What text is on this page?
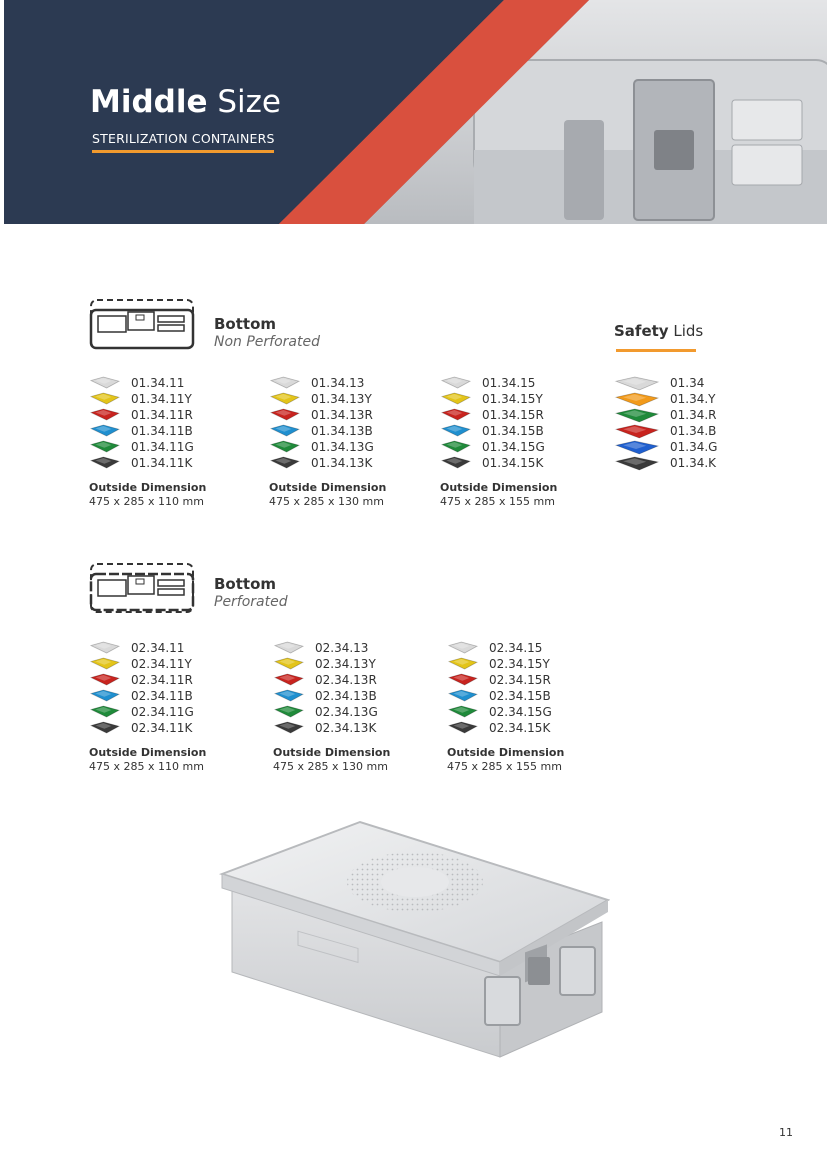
Middle Size
STERILIZATION CONTAINERS
Bottom
Non Perforated
Safety Lids
01.34.11
01.34.11Y
01.34.11R
01.34.11B
01.34.11G
01.34.11K
Outside Dimension
475 x 285 x 110 mm
01.34.13
01.34.13Y
01.34.13R
01.34.13B
01.34.13G
01.34.13K
Outside Dimension
475 x 285 x 130 mm
01.34.15
01.34.15Y
01.34.15R
01.34.15B
01.34.15G
01.34.15K
Outside Dimension
475 x 285 x 155 mm
01.34
01.34.Y
01.34.R
01.34.B
01.34.G
01.34.K
Bottom
Perforated
02.34.11
02.34.11Y
02.34.11R
02.34.11B
02.34.11G
02.34.11K
Outside Dimension
475 x 285 x 110 mm
02.34.13
02.34.13Y
02.34.13R
02.34.13B
02.34.13G
02.34.13K
Outside Dimension
475 x 285 x 130 mm
02.34.15
02.34.15Y
02.34.15R
02.34.15B
02.34.15G
02.34.15K
Outside Dimension
475 x 285 x 155 mm
11
